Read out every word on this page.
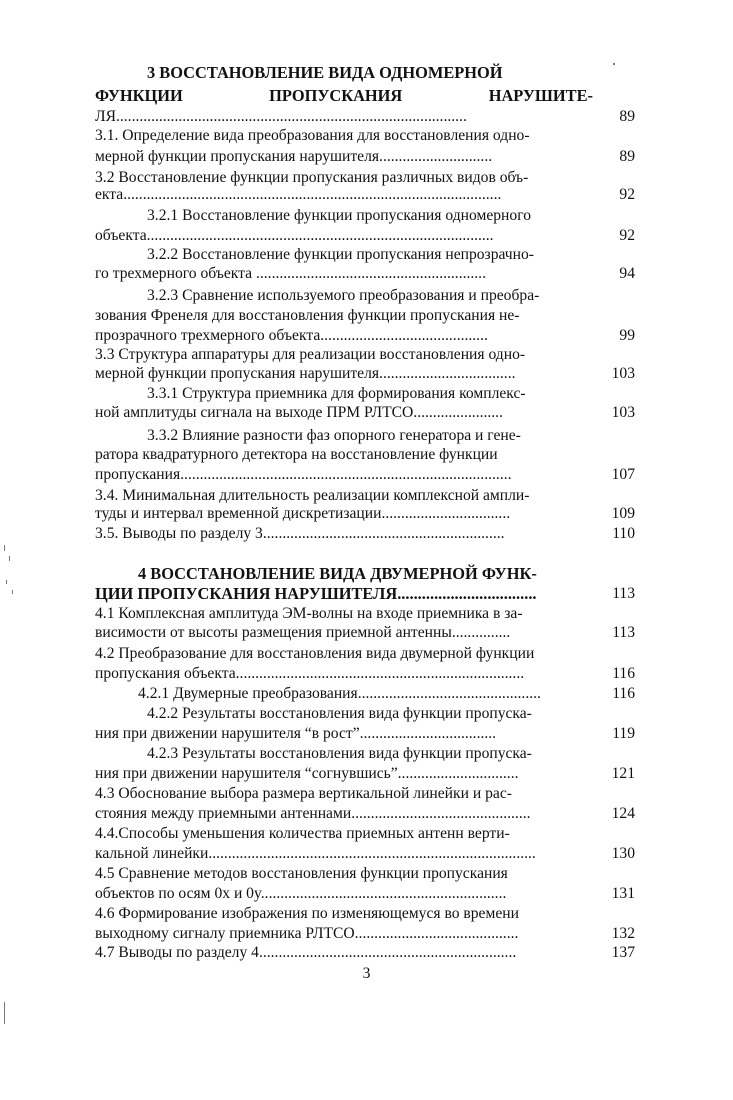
3 ВОССТАНОВЛЕНИЕ ВИДА ОДНОМЕРНОЙ
ФУНКЦИИ ПРОПУСКАНИЯ НАРУШИТЕ-
ЛЯ..........................................................................................	89
3.1. Определение вида преобразования для восстановления одно-
мерной функции пропускания нарушителя.............................	89
3.2 Восстановление функции пропускания различных видов объ-
екта.................................................................................................	92
3.2.1 Восстановление функции пропускания одномерного
объекта.........................................................................................	92
3.2.2 Восстановление функции пропускания непрозрачно-
го трехмерного объекта ...........................................................	94
3.2.3 Сравнение используемого преобразования и преобра-
зования Френеля для восстановления функции пропускания не-
прозрачного трехмерного объекта...........................................	99
3.3 Структура аппаратуры для реализации восстановления одно-
мерной функции пропускания нарушителя...................................	103
3.3.1 Структура приемника для формирования комплекс-
ной амплитуды сигнала на выходе ПРМ РЛТСО.......................	103
3.3.2 Влияние разности фаз опорного генератора и гене-
ратора квадратурного детектора на восстановление функции
пропускания.....................................................................................	107
3.4. Минимальная длительность реализации комплексной ампли-
туды и интервал временной дискретизации.................................	109
3.5. Выводы по разделу 3..............................................................	110
4 ВОССТАНОВЛЕНИЕ ВИДА ДВУМЕРНОЙ ФУНК-
ЦИИ ПРОПУСКАНИЯ НАРУШИТЕЛЯ..................................	113
4.1 Комплексная амплитуда ЭМ-волны на входе приемника в за-
висимости от высоты размещения приемной антенны...............	113
4.2 Преобразование для восстановления вида двумерной функции
пропускания объекта..........................................................................	116
4.2.1 Двумерные преобразования...............................................	116
4.2.2 Результаты восстановления вида функции пропуска-
ния при движении нарушителя “в рост”...................................	119
4.2.3 Результаты восстановления вида функции пропуска-
ния при движении нарушителя “согнувшись”...............................	121
4.3 Обоснование выбора размера вертикальной линейки и рас-
стояния между приемными антеннами..............................................	124
4.4.Способы уменьшения количества приемных антенн верти-
кальной линейки....................................................................................	130
4.5 Сравнение методов восстановления функции пропускания
объектов по осям 0x и 0y...............................................................	131
4.6 Формирование изображения по изменяющемуся во времени
выходному сигналу приемника РЛТСО..........................................	132
4.7 Выводы по разделу 4..................................................................	137
3
